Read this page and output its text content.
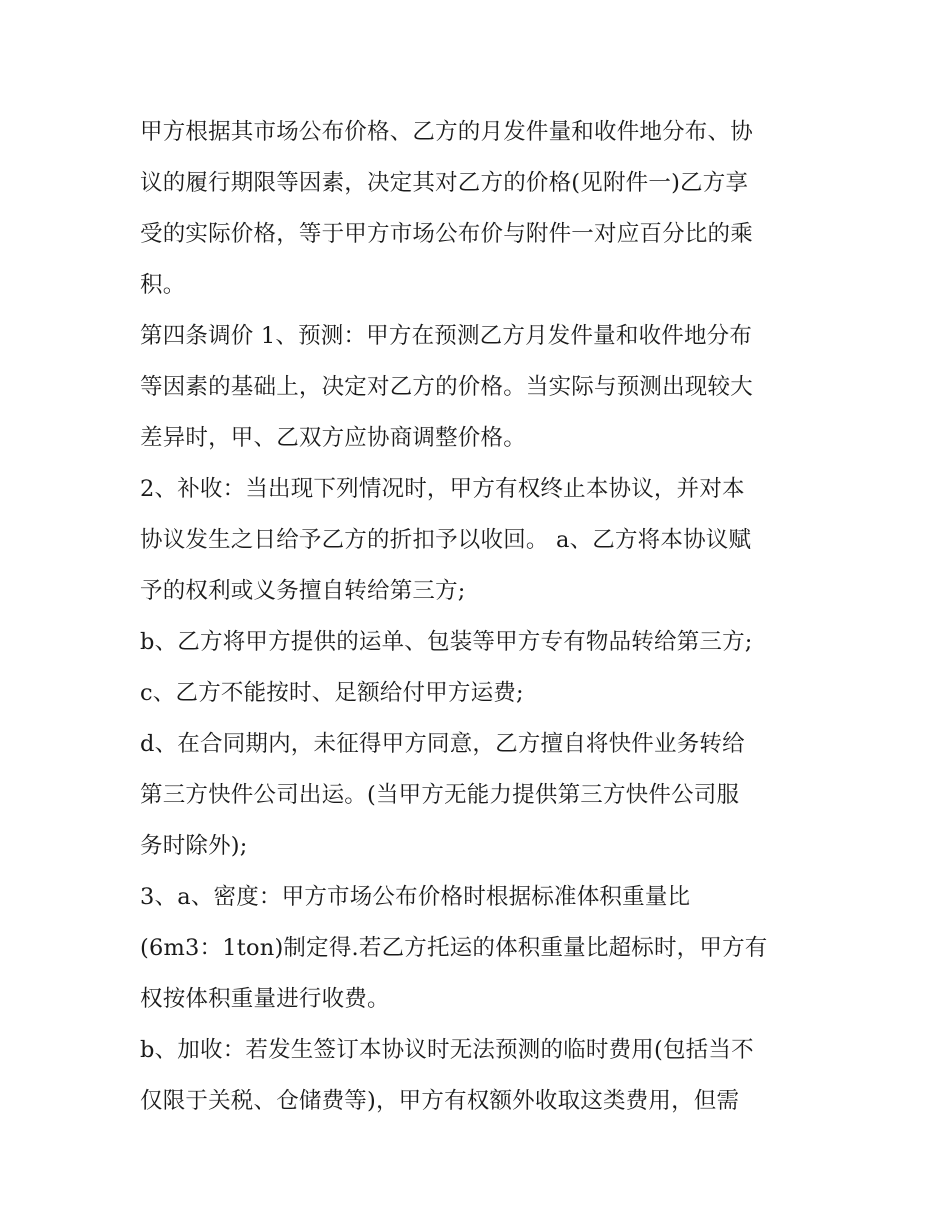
甲方根据其市场公布价格、乙方的月发件量和收件地分布、协
议的履行期限等因素，决定其对乙方的价格(见附件一)乙方享
受的实际价格，等于甲方市场公布价与附件一对应百分比的乘
积。

第四条调价 1、预测：甲方在预测乙方月发件量和收件地分布
等因素的基础上，决定对乙方的价格。当实际与预测出现较大
差异时，甲、乙双方应协商调整价格。

2、补收：当出现下列情况时，甲方有权终止本协议，并对本
协议发生之日给予乙方的折扣予以收回。 a、乙方将本协议赋
予的权利或义务擅自转给第三方;

b、乙方将甲方提供的运单、包装等甲方专有物品转给第三方;

c、乙方不能按时、足额给付甲方运费;

d、在合同期内，未征得甲方同意，乙方擅自将快件业务转给
第三方快件公司出运。(当甲方无能力提供第三方快件公司服
务时除外);

3、a、密度：甲方市场公布价格时根据标准体积重量比
(6m3：1ton)制定得.若乙方托运的体积重量比超标时，甲方有
权按体积重量进行收费。

b、加收：若发生签订本协议时无法预测的临时费用(包括当不
仅限于关税、仓储费等)，甲方有权额外收取这类费用，但需
